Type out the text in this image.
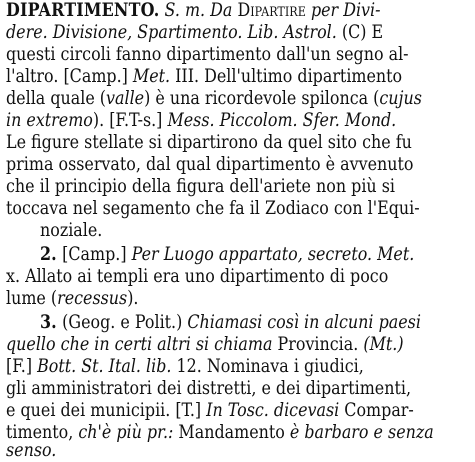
DIPARTIMENTO. S. m. Da Dipartire per Divi-
dere. Divisione, Spartimento. Lib. Astrol. (C) E
questi circoli fanno dipartimento dall'un segno al-
l'altro. [Camp.] Met. III. Dell'ultimo dipartimento
della quale (valle) è una ricordevole spilonca (cujus
in extremo). [F.T-s.] Mess. Piccolom. Sfer. Mond.
Le figure stellate si dipartirono da quel sito che fu
prima osservato, dal qual dipartimento è avvenuto
che il principio della figura dell'ariete non più si
toccava nel segamento che fa il Zodiaco con l'Equi-
noziale.
2. [Camp.] Per Luogo appartato, secreto. Met.
x. Allato ai templi era uno dipartimento di poco
lume (recessus).
3. (Geog. e Polit.) Chiamasi così in alcuni paesi
quello che in certi altri si chiama Provincia. (Mt.)
[F.] Bott. St. Ital. lib. 12. Nominava i giudici,
gli amministratori dei distretti, e dei dipartimenti,
e quei dei municipii. [T.] In Tosc. dicevasi Compar-
timento, ch'è più pr.: Mandamento è barbaro e senza
senso.
